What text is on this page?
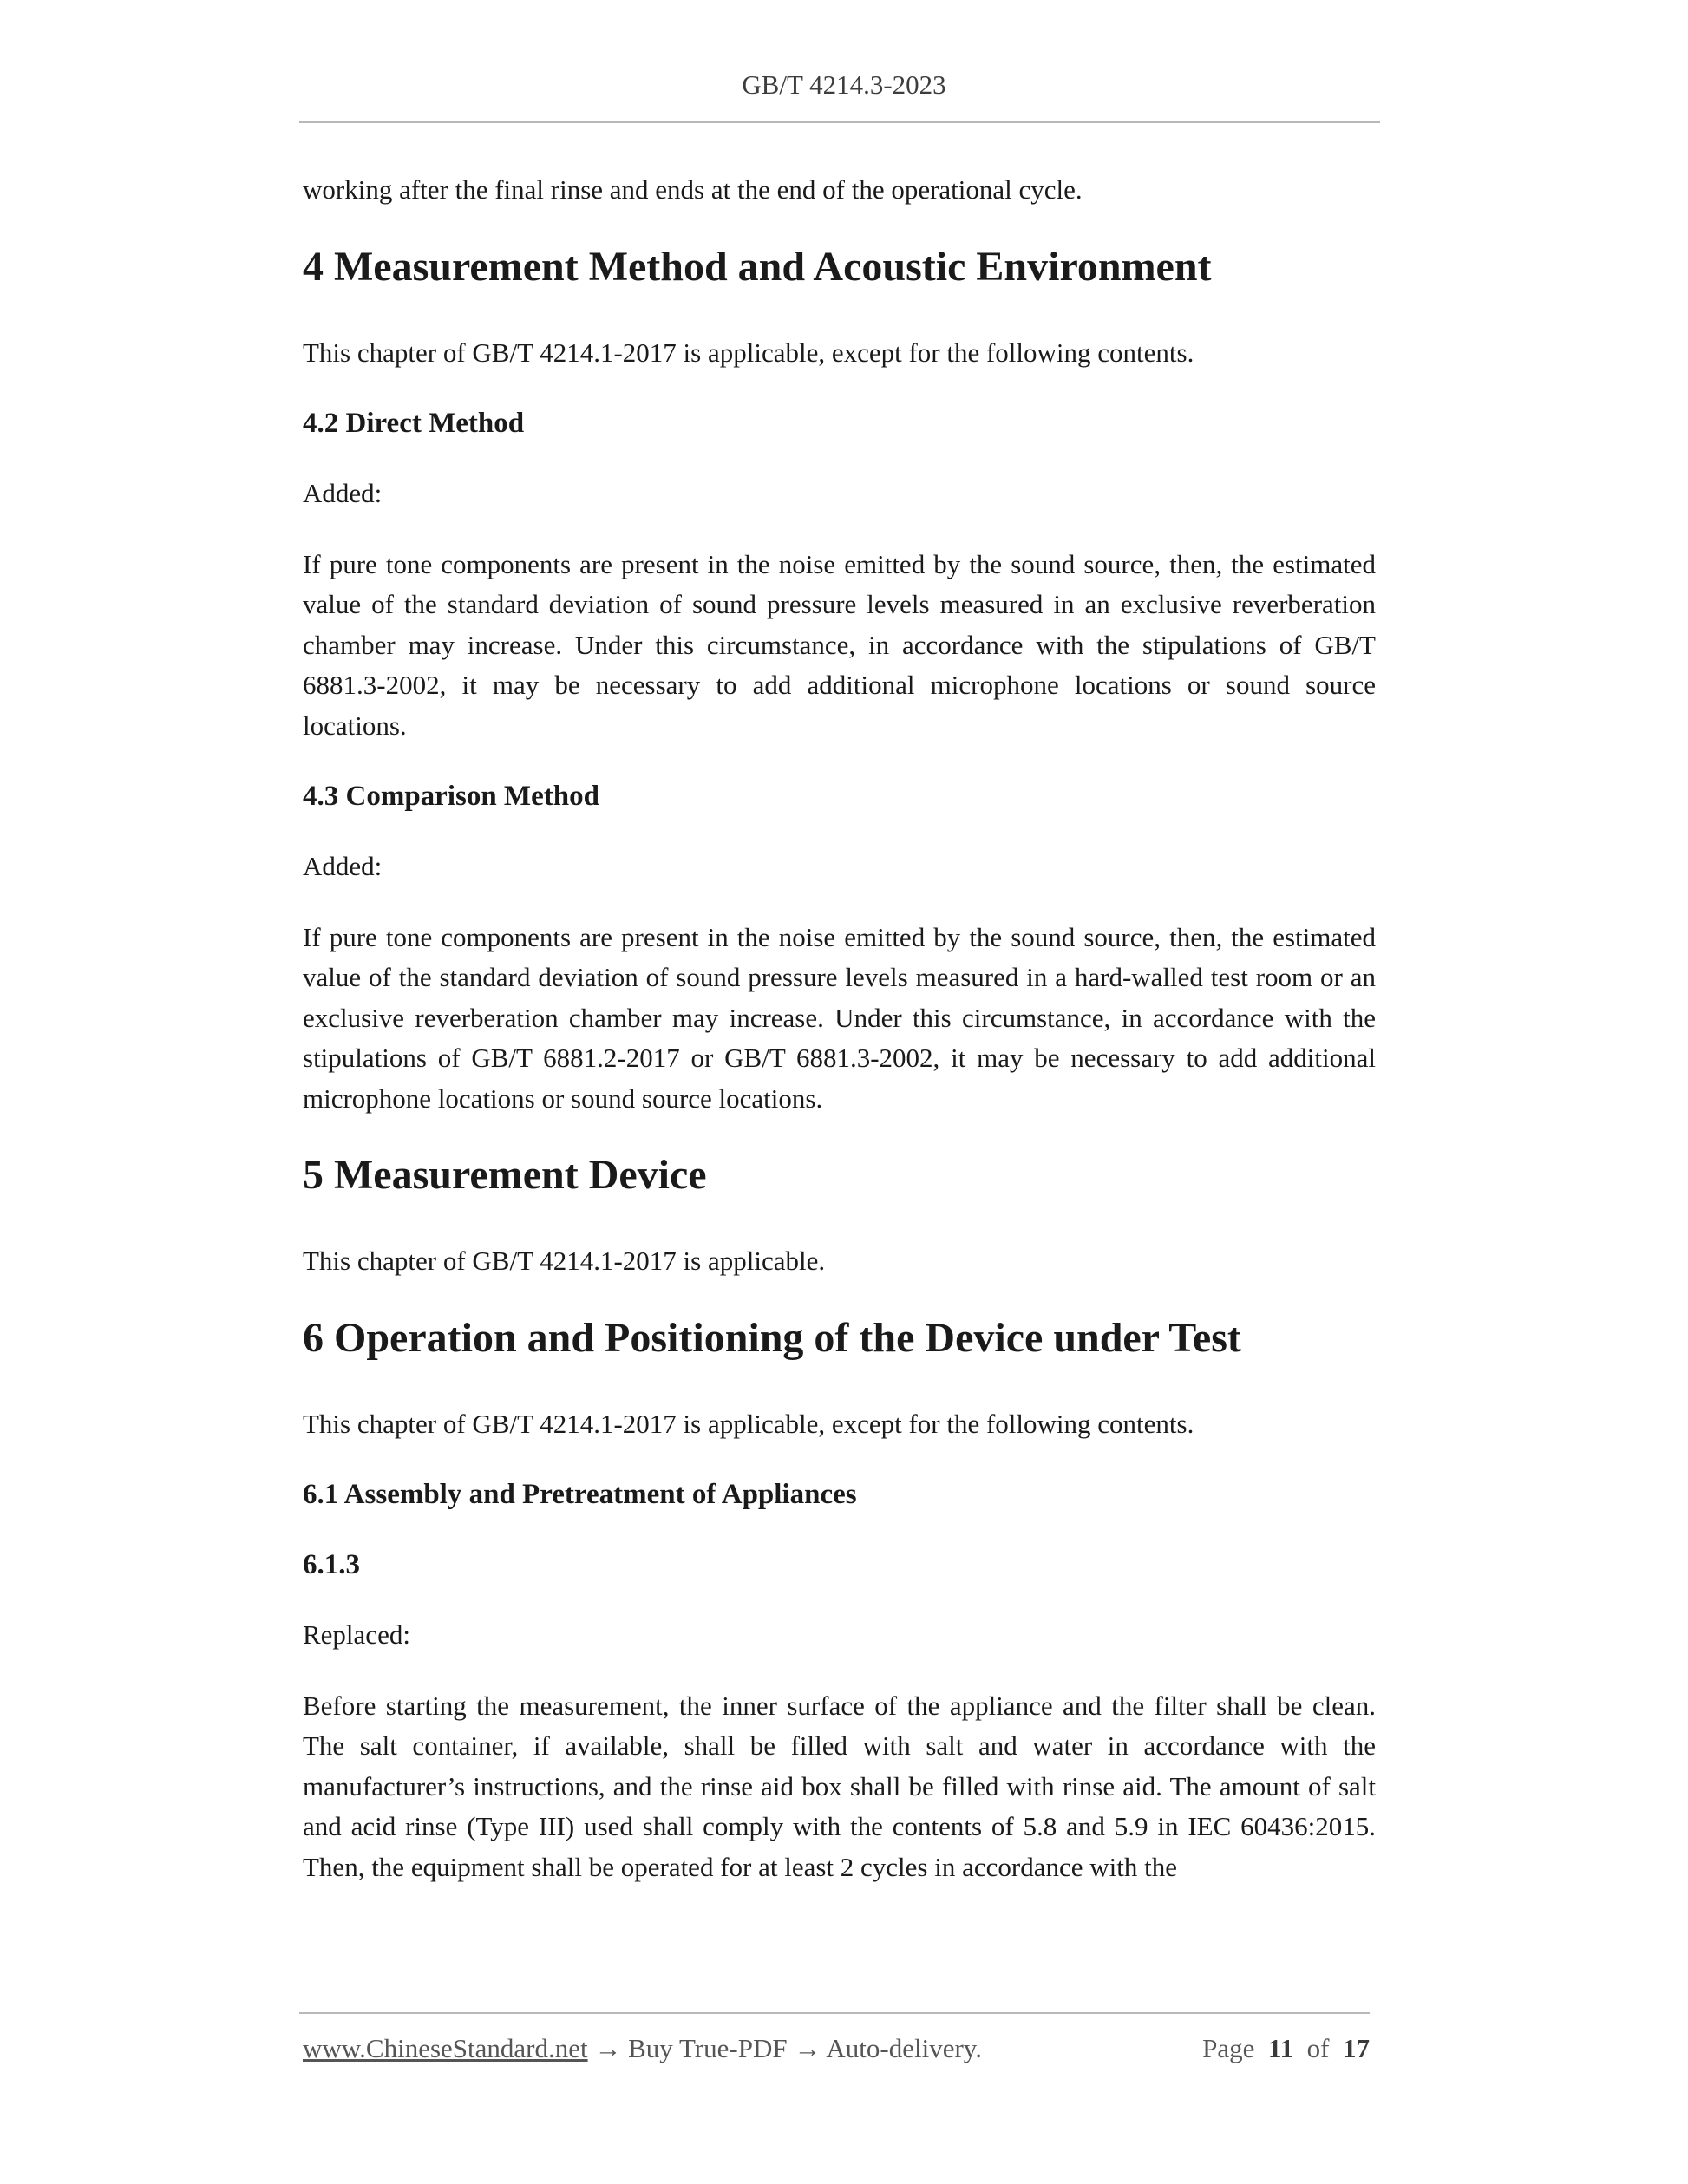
GB/T 4214.3-2023

working after the final rinse and ends at the end of the operational cycle.

4 Measurement Method and Acoustic Environment

This chapter of GB/T 4214.1-2017 is applicable, except for the following contents.

4.2 Direct Method

Added:

If pure tone components are present in the noise emitted by the sound source, then, the estimated value of the standard deviation of sound pressure levels measured in an exclusive reverberation chamber may increase. Under this circumstance, in accordance with the stipulations of GB/T 6881.3-2002, it may be necessary to add additional microphone locations or sound source locations.

4.3 Comparison Method

Added:

If pure tone components are present in the noise emitted by the sound source, then, the estimated value of the standard deviation of sound pressure levels measured in a hard-walled test room or an exclusive reverberation chamber may increase. Under this circumstance, in accordance with the stipulations of GB/T 6881.2-2017 or GB/T 6881.3-2002, it may be necessary to add additional microphone locations or sound source locations.

5 Measurement Device

This chapter of GB/T 4214.1-2017 is applicable.

6 Operation and Positioning of the Device under Test

This chapter of GB/T 4214.1-2017 is applicable, except for the following contents.

6.1 Assembly and Pretreatment of Appliances
6.1.3

Replaced:

Before starting the measurement, the inner surface of the appliance and the filter shall be clean. The salt container, if available, shall be filled with salt and water in accordance with the manufacturer’s instructions, and the rinse aid box shall be filled with rinse aid. The amount of salt and acid rinse (Type III) used shall comply with the contents of 5.8 and 5.9 in IEC 60436:2015. Then, the equipment shall be operated for at least 2 cycles in accordance with the

www.ChineseStandard.net → Buy True-PDF → Auto-delivery.	Page 11 of 17
